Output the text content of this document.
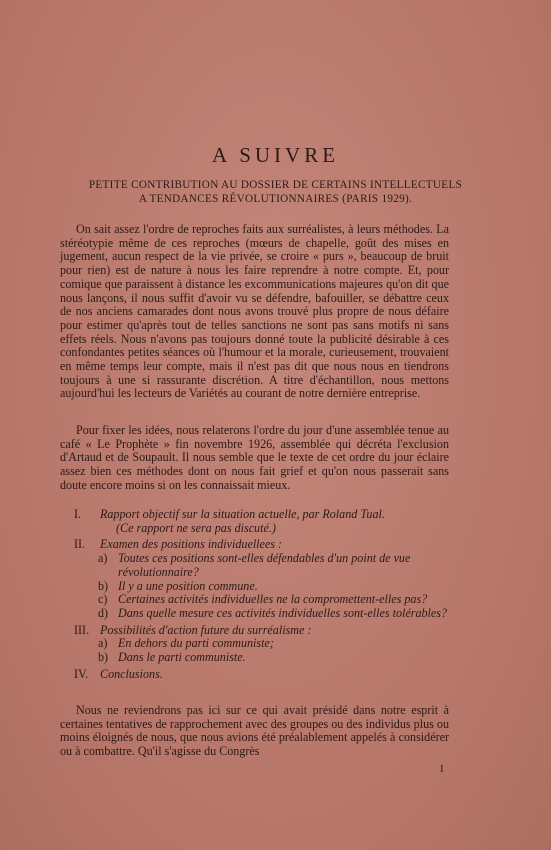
A SUIVRE
PETITE CONTRIBUTION AU DOSSIER DE CERTAINS INTELLECTUELS
A TENDANCES RÉVOLUTIONNAIRES (PARIS 1929).
On sait assez l'ordre de reproches faits aux surréalistes, à leurs méthodes. La stéréotypie même de ces reproches (mœurs de chapelle, goût des mises en jugement, aucun respect de la vie privée, se croire « purs », beaucoup de bruit pour rien) est de nature à nous les faire reprendre à notre compte. Et, pour comique que paraissent à distance les excommunications majeures qu'on dit que nous lançons, il nous suffit d'avoir vu se défendre, bafouiller, se débattre ceux de nos anciens camarades dont nous avons trouvé plus propre de nous défaire pour estimer qu'après tout de telles sanctions ne sont pas sans motifs ni sans effets réels. Nous n'avons pas toujours donné toute la publicité désirable à ces confondantes petites séances où l'humour et la morale, curieusement, trouvaient en même temps leur compte, mais il n'est pas dit que nous nous en tiendrons toujours à une si rassurante discrétion. A titre d'échantillon, nous mettons aujourd'hui les lecteurs de Variétés au courant de notre dernière entreprise.
Pour fixer les idées, nous relaterons l'ordre du jour d'une assemblée tenue au café « Le Prophète » fin novembre 1926, assemblée qui décréta l'exclusion d'Artaud et de Soupault. Il nous semble que le texte de cet ordre du jour éclaire assez bien ces méthodes dont on nous fait grief et qu'on nous passerait sans doute encore moins si on les connaissait mieux.
I.	Rapport objectif sur la situation actuelle, par Roland Tual.
(Ce rapport ne sera pas discuté.)
II.	Examen des positions individuellees :
a) Toutes ces positions sont-elles défendables d'un point de vue révolutionnaire?
b) Il y a une position commune.
c) Certaines activités individuelles ne la compromettent-elles pas?
d) Dans quelle mesure ces activités individuelles sont-elles tolérables?
III. Possibilités d'action future du surréalisme :
a) En dehors du parti communiste;
b) Dans le parti communiste.
IV. Conclusions.
Nous ne reviendrons pas ici sur ce qui avait présidé dans notre esprit à certaines tentatives de rapprochement avec des groupes ou des individus plus ou moins éloignés de nous, que nous avions été préalablement appelés à considérer ou à combattre. Qu'il s'agisse du Congrès
I
